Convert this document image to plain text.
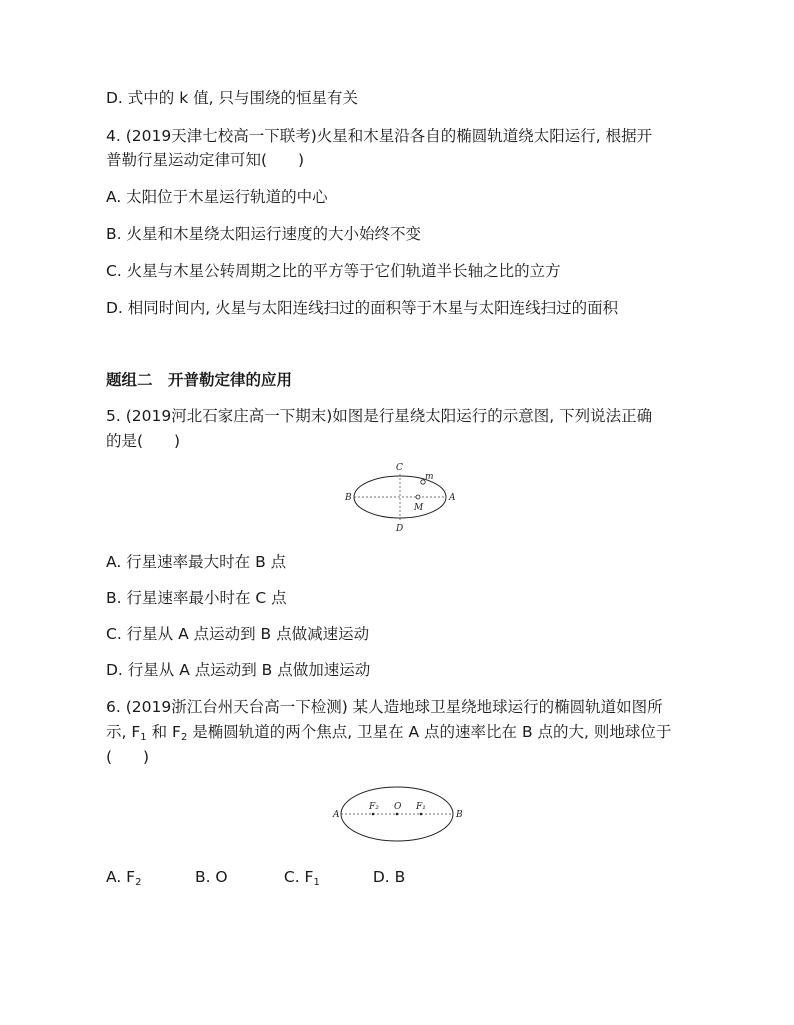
D. 式中的 k 值, 只与围绕的恒星有关
4. (2019天津七校高一下联考)火星和木星沿各自的椭圆轨道绕太阳运行, 根据开
普勒行星运动定律可知(　　)
A. 太阳位于木星运行轨道的中心
B. 火星和木星绕太阳运行速度的大小始终不变
C. 火星与木星公转周期之比的平方等于它们轨道半长轴之比的立方
D. 相同时间内, 火星与太阳连线扫过的面积等于木星与太阳连线扫过的面积
题组二　开普勒定律的应用
5. (2019河北石家庄高一下期末)如图是行星绕太阳运行的示意图, 下列说法正确
的是(　　)
C
m
B	A
M
D
A. 行星速率最大时在 B 点
B. 行星速率最小时在 C 点
C. 行星从 A 点运动到 B 点做减速运动
D. 行星从 A 点运动到 B 点做加速运动
6. (2019浙江台州天台高一下检测) 某人造地球卫星绕地球运行的椭圆轨道如图所
示, $F_1$ 和 $F_2$ 是椭圆轨道的两个焦点, 卫星在 A 点的速率比在 B 点的大, 则地球位于
(　　)
A
F₂ O F₁
B
A. $F_2$	B. O	C. $F_1$	D. B
